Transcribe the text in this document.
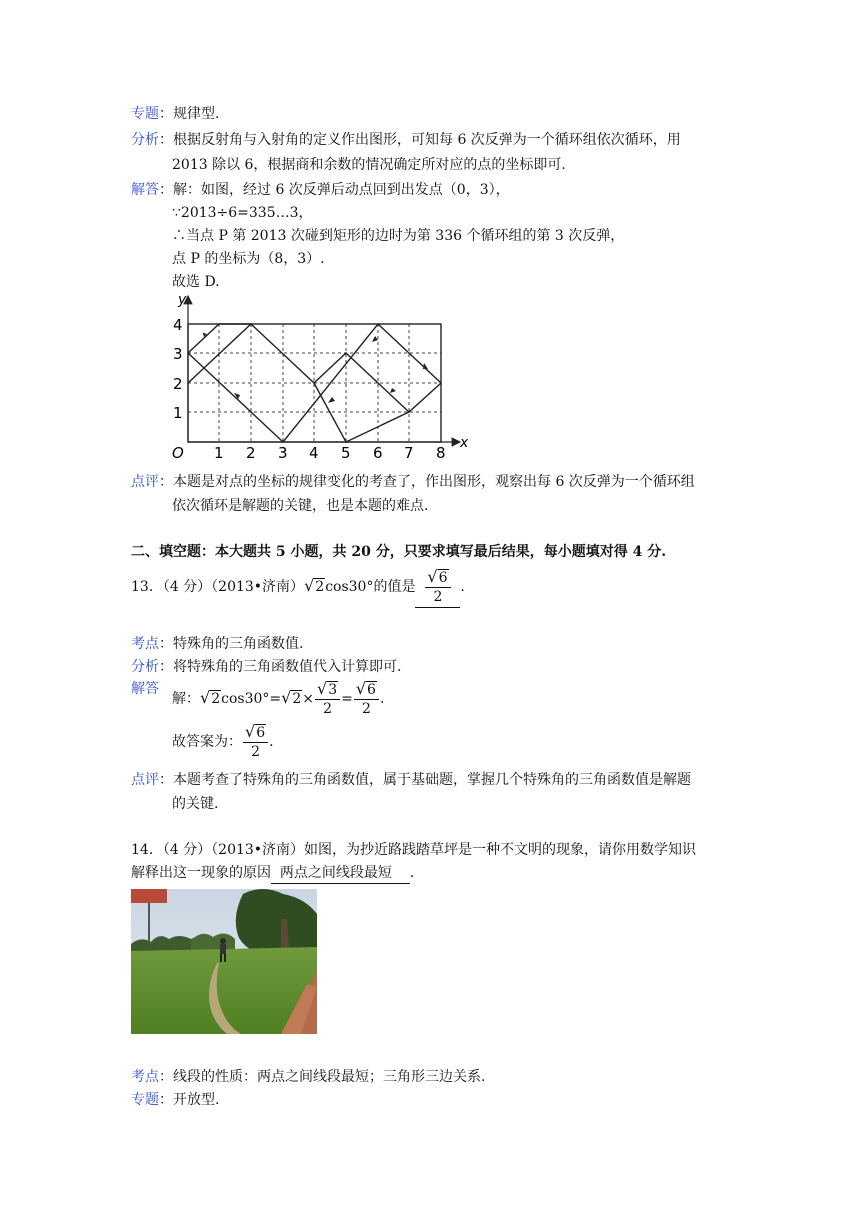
专题：规律型.
分析：根据反射角与入射角的定义作出图形，可知每 6 次反弹为一个循环组依次循环，用
2013 除以 6，根据商和余数的情况确定所对应的点的坐标即可.
解答：解：如图，经过 6 次反弹后动点回到出发点（0，3），
∵2013÷6=335…3，
∴当点 P 第 2013 次碰到矩形的边时为第 336 个循环组的第 3 次反弹，
点 P 的坐标为（8，3）.
故选 D.
y
x
O 1 2 3 4 5 6 7 8
1
2
3
4
点评：本题是对点的坐标的规律变化的考查了，作出图形，观察出每 6 次反弹为一个循环组
依次循环是解题的关键，也是本题的难点.
二、填空题：本大题共 5 小题，共 20 分，只要求填写最后结果，每小题填对得 4 分.
13．（4 分）（2013•济南）√2cos30°的值是 $\frac{√6}{2}$ .
考点：特殊角的三角函数值.
分析：将特殊角的三角函数值代入计算即可.
解答
解：$√2\cos 30^\circ=√2\times \frac{√3}{2} = \frac{√6}{2}$ .
故答案为： $\frac{√6}{2}$ .
点评：本题考查了特殊角的三角函数值，属于基础题，掌握几个特殊角的三角函数值是解题
的关键.
14．（4 分）（2013•济南）如图，为抄近路践踏草坪是一种不文明的现象，请你用数学知识
解释出这一现象的原因 两点之间线段最短 .
考点：线段的性质：两点之间线段最短；三角形三边关系.
专题：开放型.
